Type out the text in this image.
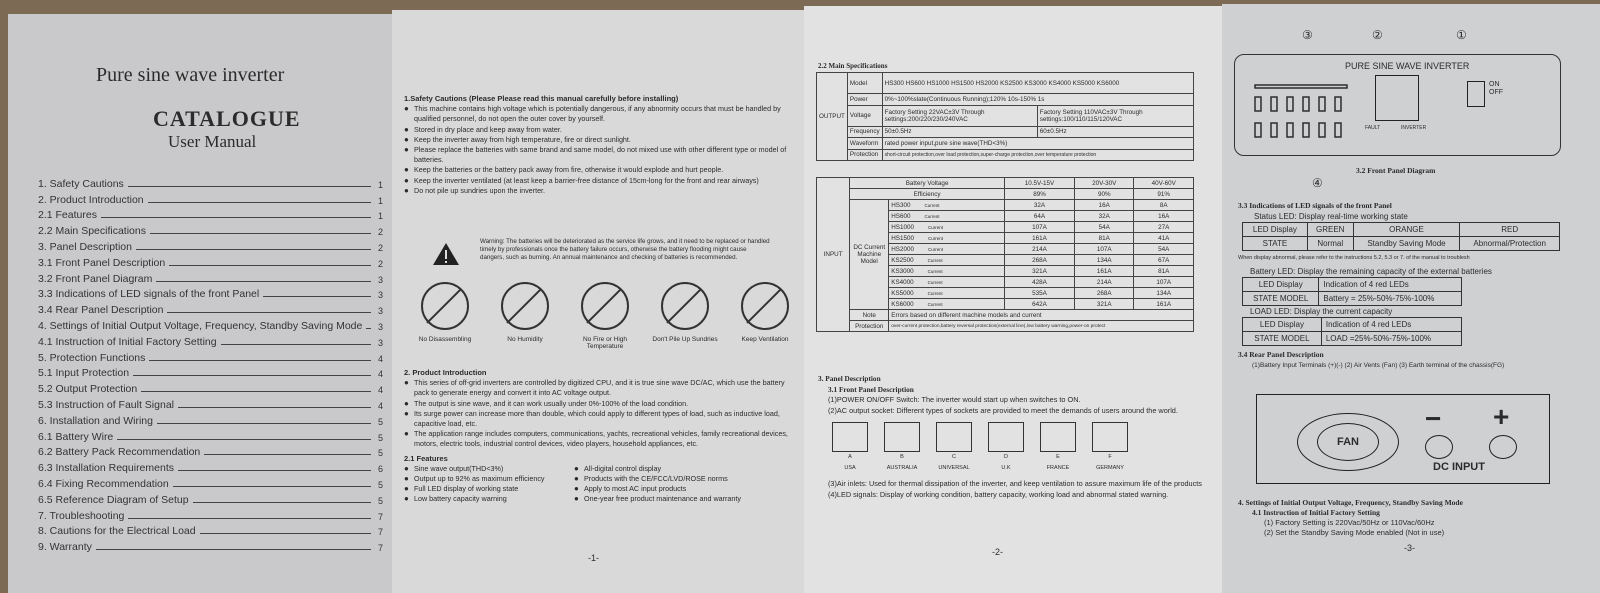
Pure sine wave inverter
CATALOGUE
User Manual
1. Safety Cautions	1
2. Product Introduction	1
2.1 Features	1
2.2 Main Specifications	2
3. Panel Description	2
3.1 Front Panel Description	2
3.2 Front Panel Diagram	3
3.3 Indications of LED signals of the front Panel	3
3.4 Rear Panel Description	3
4. Settings of Initial Output Voltage, Frequency, Standby Saving Mode	3
4.1 Instruction of Initial Factory Setting	3
5. Protection Functions	4
5.1 Input Protection	4
5.2 Output Protection	4
5.3 Instruction of Fault Signal	4
6. Installation and Wiring	5
6.1 Battery Wire	5
6.2 Battery Pack Recommendation	5
6.3 Installation Requirements	6
6.4 Fixing Recommendation	5
6.5 Reference Diagram of Setup	5
7. Troubleshooting	7
8. Cautions for the Electrical Load	7
9. Warranty	7
1.Safety Cautions (Please Please read this manual carefully before installing)
● This machine contains high voltage which is potentially dangerous, if any abnormity occurs that must be handled by qualified personnel, do not open the outer cover by yourself.
● Stored in dry place and keep away from water.
● Keep the inverter away from high temperature, fire or direct sunlight.
● Please replace the batteries with same brand and same model, do not mixed use with other different type or model of batteries.
● Keep the batteries or the battery pack away from fire, otherwise it would explode and hurt people.
● Keep the inverter ventilated (at least keep a barrier-free distance of 15cm-long for the front and rear airways)
● Do not pile up sundries upon the inverter.
Warning: The batteries will be deteriorated as the service life grows, and it need to be replaced or handled timely by professionals once the battery failure occurs, otherwise the battery flooding might cause dangers, such as burning. An annual maintenance and checking of batteries is recommended.
No Disassembling	No Humidity	No Fire or High Temperature
Don't Pile Up Sundries	Keep Ventilation
2. Product Introduction
● This series of off-grid inverters are controlled by digitized CPU, and it is true sine wave DC/AC, which use the battery pack to generate energy and convert it into AC voltage output.
● The output is sine wave, and it can work usually under 0%-100% of the load condition.
● Its surge power can increase more than double, which could apply to different types of load, such as inductive load, capacitive load, etc.
● The application range includes computers, communications, yachts, recreational vehicles, family recreational devices, motors, electric tools, industrial control devices, video players, household appliances, etc.
2.1 Features
● Sine wave output(THD<3%)
● Output up to 92% as maximum efficiency
● Full LED display of working state
● Low battery capacity warning
● All-digital control display
● Products with the CE/FCC/LVD/ROSE norms
● Apply to most AC input products
● One-year free product maintenance and warranty
-1-
2.2 Main Specifications
OUTPUT	Model	HS300 HS600 HS1000 HS1500 HS2000 KS2500 KS3000 KS4000 KS5000 KS6000	
	Power	0%~100%slate(Continuous Running);120% 10s-150% 1s	
	Voltage	Factory Setting 22VAC±3V Through settings:200/220/230/240VAC	Factory Setting 110VAC±3V Through settings:100/110/115/120VAC
	Frequency	50±0.5Hz	60±0.5Hz
	Waveform	rated power input,pure sine wave(THD<3%)	
	Protection	short-circuit protection,over load protection,super-charge protection,over temperature protection	
INPUT	Battery Voltage		10.5V-15V	20V-30V	40V-60V
	Efficiency		89%	90%	91%
	DC Current Machine Model	HS300 Current	32A	16A	8A
		HS600 Current	64A	32A	16A
		HS1000 Current	107A	54A	27A
		HS1500 Current	161A	81A	41A
		HS2000 Current	214A	107A	54A
		KS2500 Current	268A	134A	67A
		KS3000 Current	321A	161A	81A
		KS4000 Current	428A	214A	107A
		KS5000 Current	535A	268A	134A
		KS6000 Current	642A	321A	161A
	Note	Errors based on different machine models and current			
	Protection	over-current protection,battery reversal protection(external line),low battery warning,power-on protect			
3. Panel Description
3.1 Front Panel Description
(1)POWER ON/OFF Switch: The inverter would start up when switches to ON.
(2)AC output socket: Different types of sockets are provided to meet the demands of users around the world.
A
USA
B
AUSTRALIA
C
UNIVERSAL
D
U.K
E
FRANCE
F
GERMANY
(3)Air inlets: Used for thermal dissipation of the inverter, and keep ventilation to assure maximum life of the products
(4)LED signals: Display of working condition, battery capacity, working load and abnormal stated warning.
-2-
PURE SINE WAVE INVERTER
FAULT	INVERTER
ON
OFF
③	②	①
④
3.2 Front Panel Diagram
3.3 Indications of LED signals of the front Panel
Status LED: Display real-time working state
LED Display	GREEN	ORANGE	RED
STATE	Normal	Standby Saving Mode	Abnormal/Protection
When display abnormal, please refer to the instructions 5.2, 5.3 or 7. of the manual to troublesh
Battery LED: Display the remaining capacity of the external batteries
LED Display	Indication of 4 red LEDs
STATE MODEL	Battery = 25%-50%-75%-100%
LOAD LED: Display the current capacity
LED Display	Indication of 4 red LEDs
STATE MODEL	LOAD =25%-50%-75%-100%
3.4 Rear Panel Description
(1)Battery Input Terminals (+)(-) (2) Air Vents (Fan) (3) Earth terminal of the chassis(FG)
FAN
− +
DC INPUT
4. Settings of Initial Output Voltage, Frequency, Standby Saving Mode
4.1 Instruction of Initial Factory Setting
(1) Factory Setting is 220Vac/50Hz or 110Vac/60Hz
(2) Set the Standby Saving Mode enabled (Not in use)
-3-
